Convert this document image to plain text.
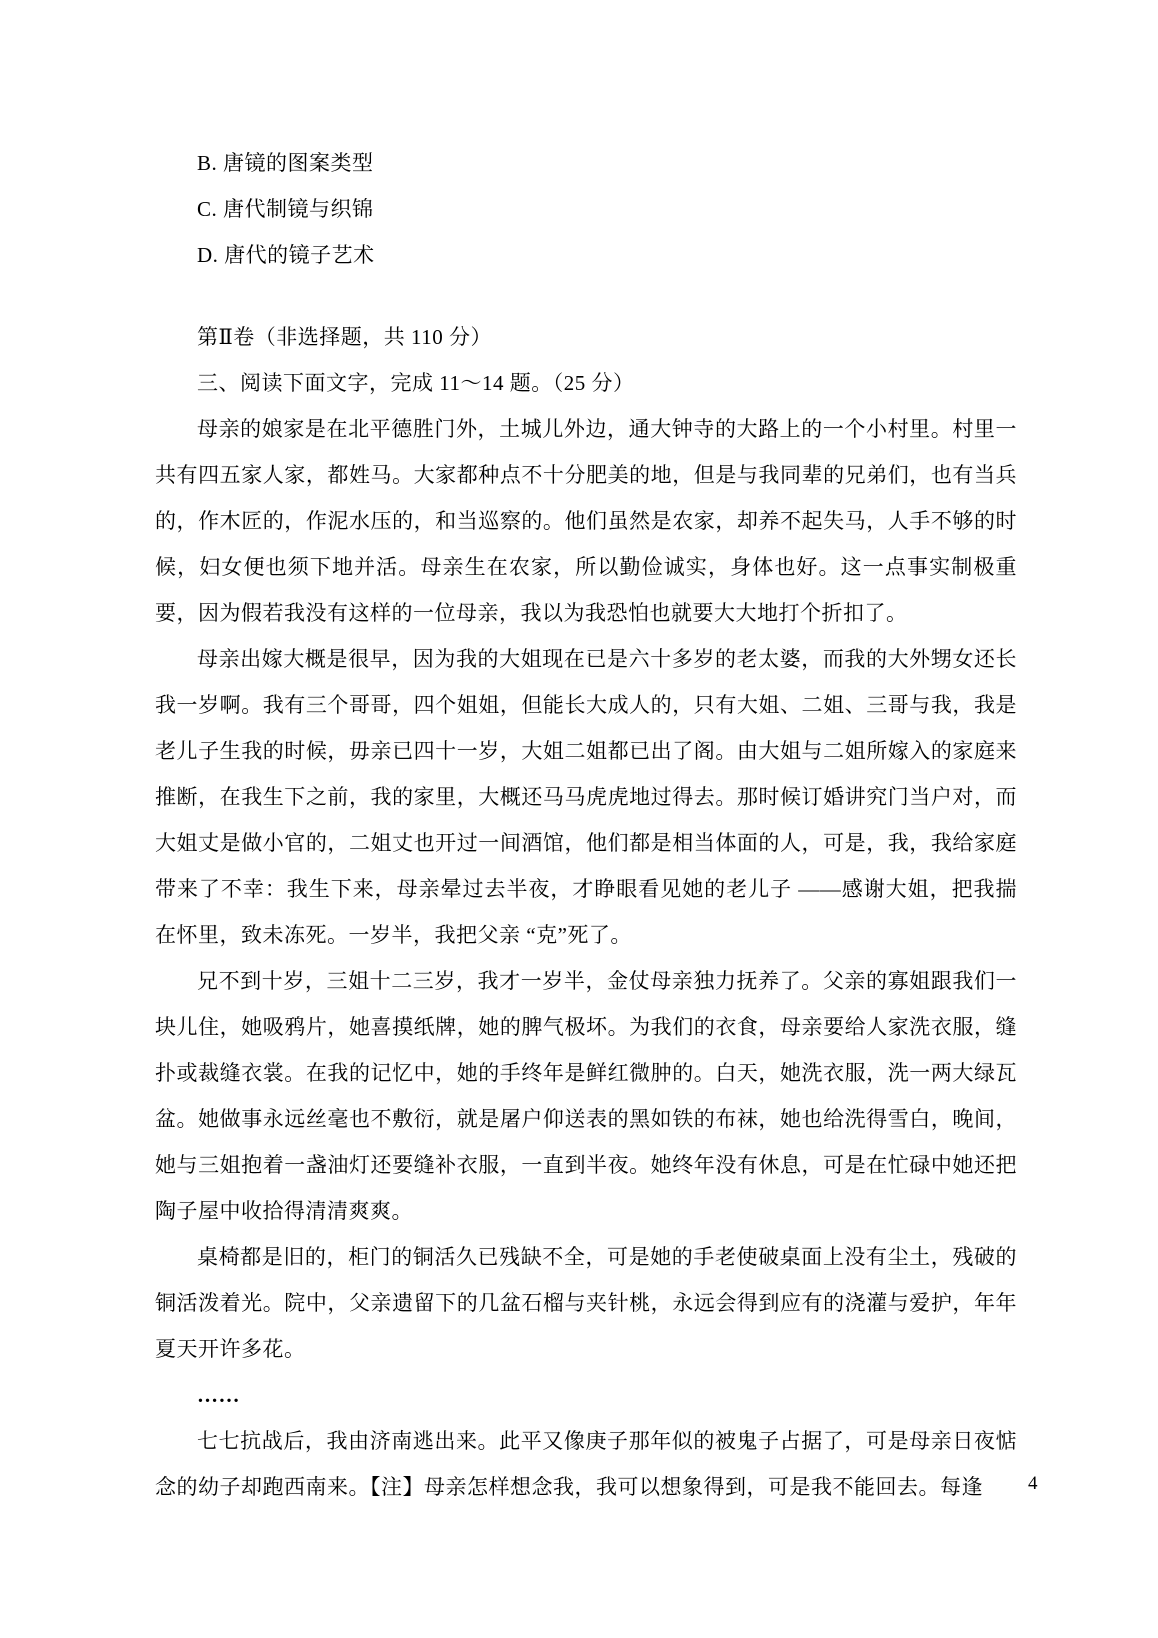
B. 唐镜的图案类型

C. 唐代制镜与织锦

D. 唐代的镜子艺术

第Ⅱ卷（非选择题，共 110 分）

三、阅读下面文字，完成 11～14 题。（25 分）

母亲的娘家是在北平德胜门外，土城儿外边，通大钟寺的大路上的一个小村里。村里一共有四五家人家，都姓马。大家都种点不十分肥美的地，但是与我同辈的兄弟们，也有当兵的，作木匠的，作泥水压的，和当巡察的。他们虽然是农家，却养不起失马，人手不够的时候，妇女便也须下地并活。母亲生在农家，所以勤俭诚实，身体也好。这一点事实制极重要，因为假若我没有这样的一位母亲，我以为我恐怕也就要大大地打个折扣了。

母亲出嫁大概是很早，因为我的大姐现在已是六十多岁的老太婆，而我的大外甥女还长我一岁啊。我有三个哥哥，四个姐姐，但能长大成人的，只有大姐、二姐、三哥与我，我是老儿子生我的时候，毋亲已四十一岁，大姐二姐都已出了阁。由大姐与二姐所嫁入的家庭来推断，在我生下之前，我的家里，大概还马马虎虎地过得去。那时候订婚讲究门当户对，而大姐丈是做小官的，二姐丈也开过一间酒馆，他们都是相当体面的人，可是，我，我给家庭带来了不幸：我生下来，母亲晕过去半夜，才睁眼看见她的老儿子 ——感谢大姐，把我揣在怀里，致未冻死。一岁半，我把父亲 “克”死了。

兄不到十岁，三姐十二三岁，我才一岁半，金仗母亲独力抚养了。父亲的寡姐跟我们一块儿住，她吸鸦片，她喜摸纸牌，她的脾气极坏。为我们的衣食，母亲要给人家洗衣服，缝扑或裁缝衣裳。在我的记忆中，她的手终年是鲜红微肿的。白天，她洗衣服，洗一两大绿瓦盆。她做事永远丝毫也不敷衍，就是屠户仰送表的黑如铁的布袜，她也给洗得雪白，晚间，她与三姐抱着一盏油灯还要缝补衣服，一直到半夜。她终年没有休息，可是在忙碌中她还把陶子屋中收拾得清清爽爽。

桌椅都是旧的，柜门的铜活久已残缺不全，可是她的手老使破桌面上没有尘土，残破的铜活泼着光。院中，父亲遗留下的几盆石榴与夹针桃，永远会得到应有的浇灌与爱护，年年夏天开许多花。

……

七七抗战后，我由济南逃出来。此平又像庚子那年似的被鬼子占据了，可是母亲日夜惦念的幼子却跑西南来。【注】母亲怎样想念我，我可以想象得到，可是我不能回去。每逢	4
